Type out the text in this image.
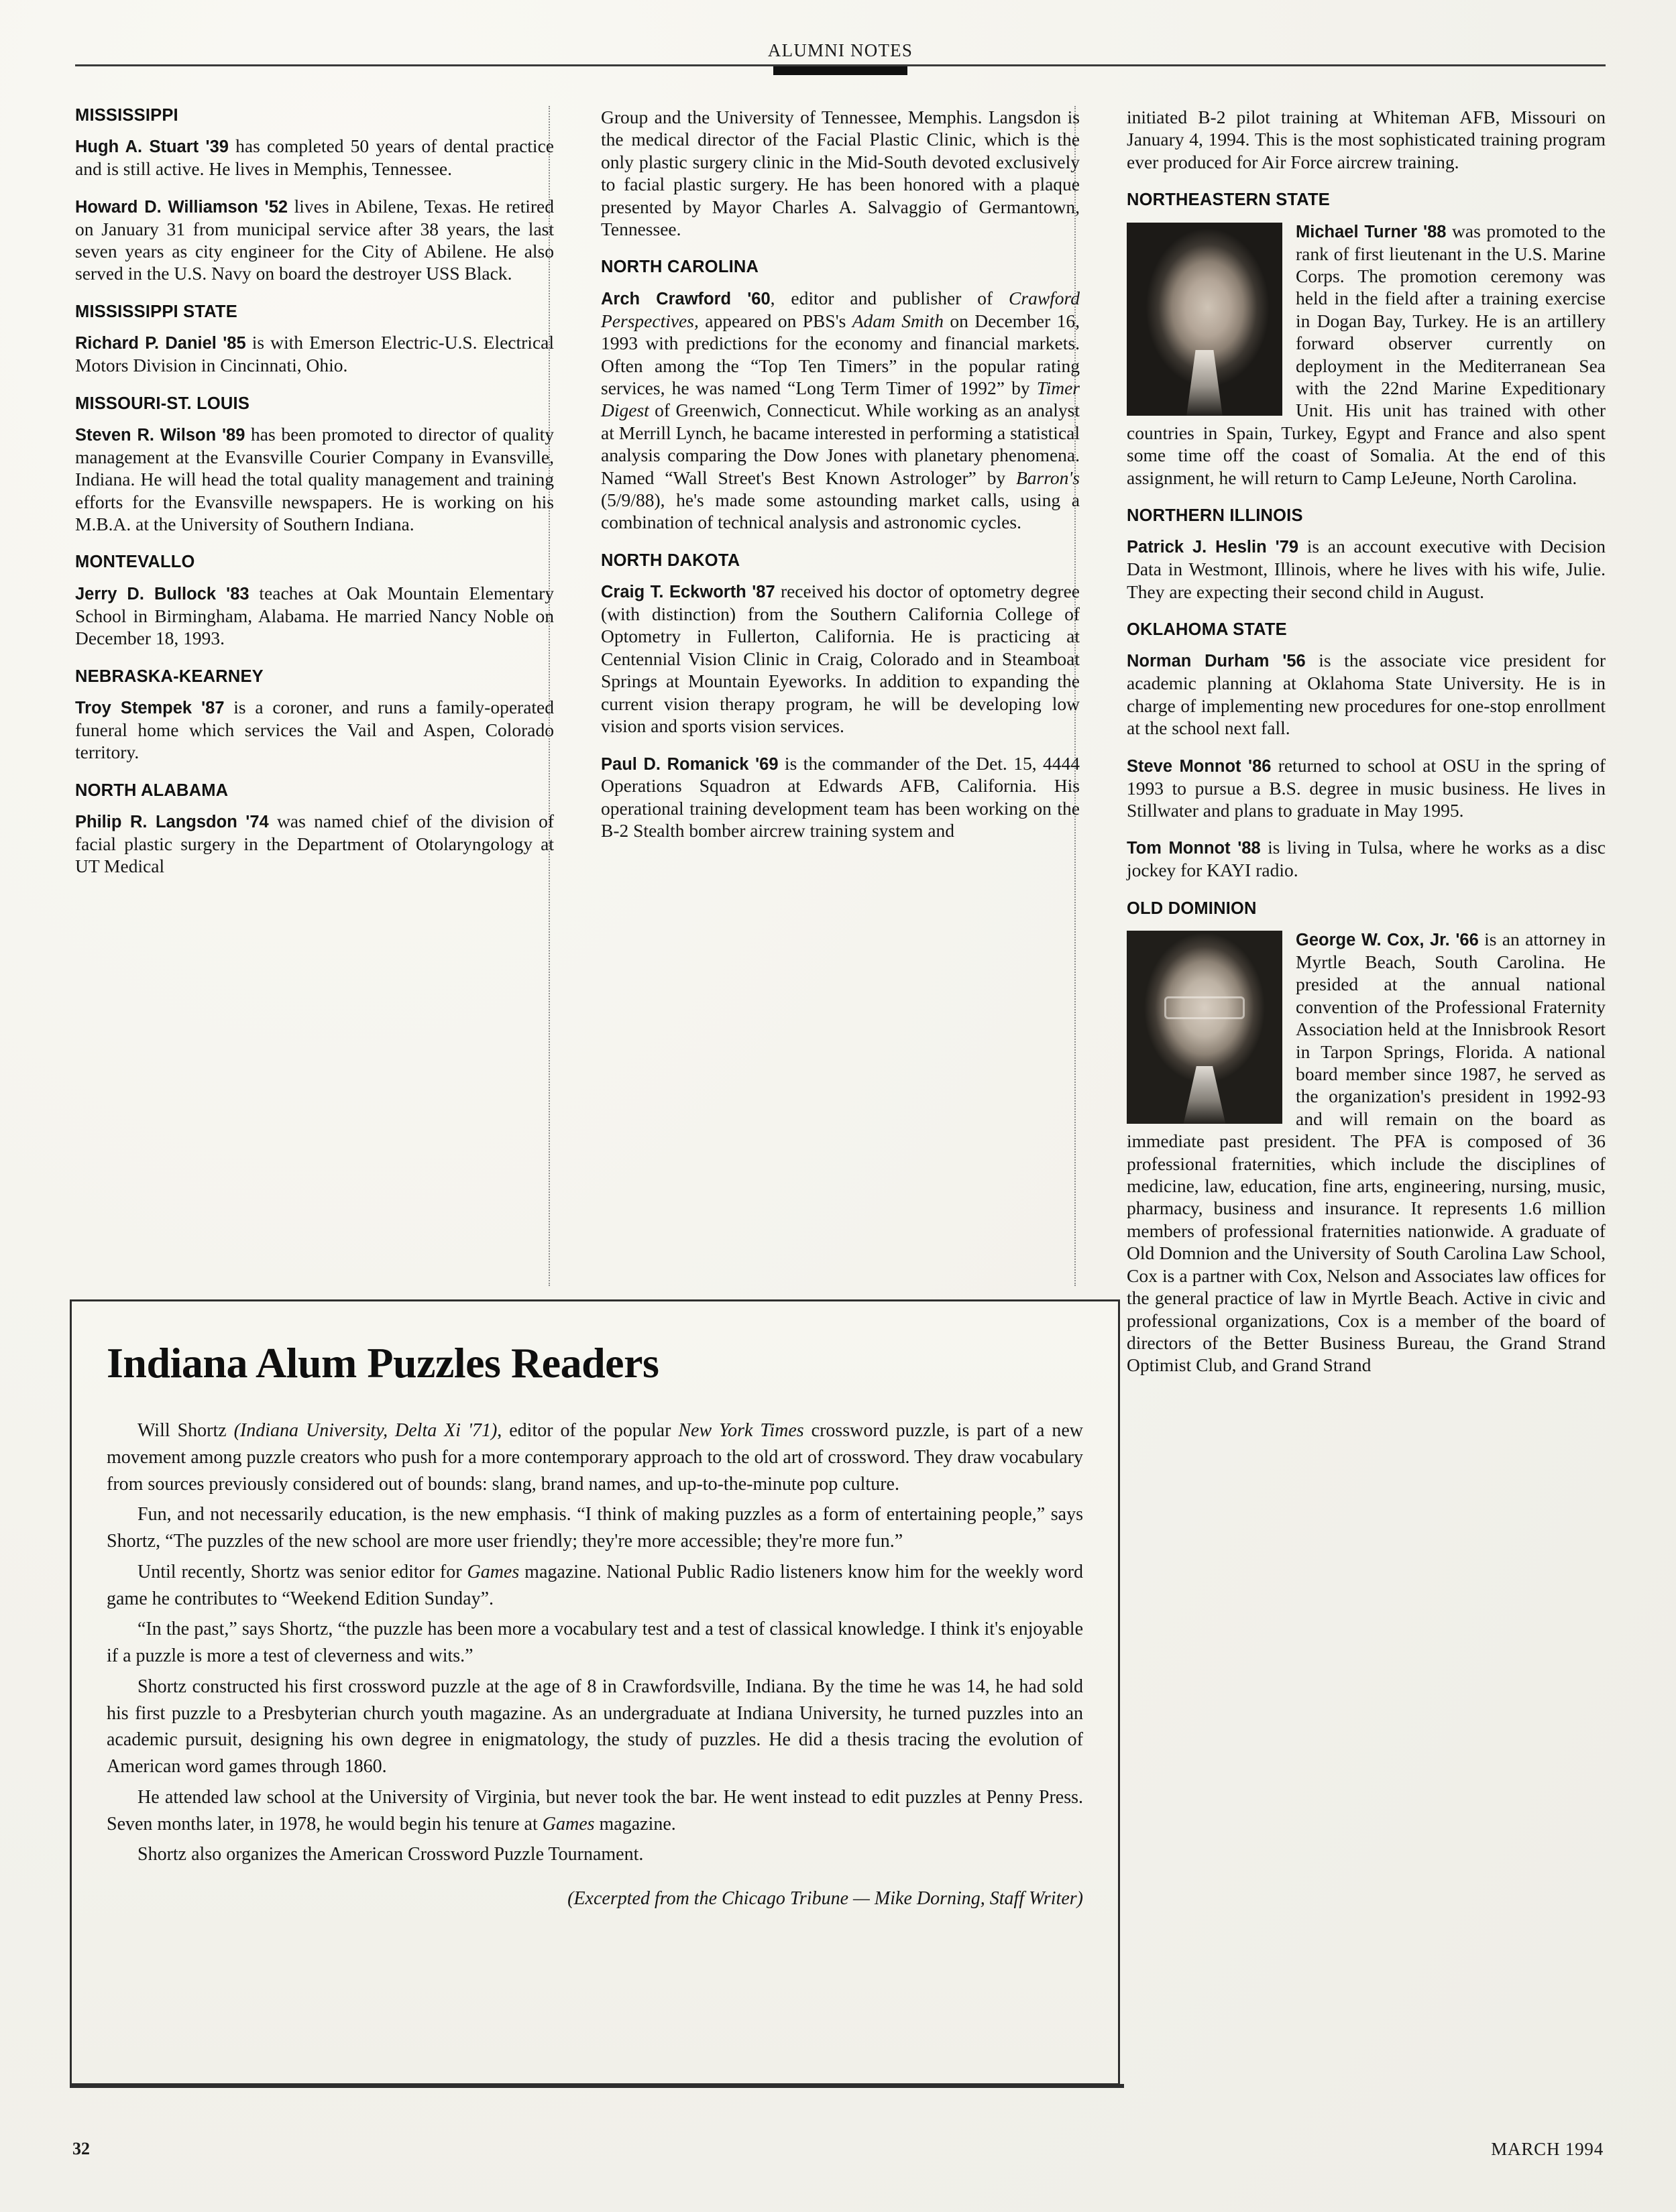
ALUMNI NOTES
MISSISSIPPI

Hugh A. Stuart '39 has completed 50 years of dental practice and is still active. He lives in Memphis, Tennessee.

Howard D. Williamson '52 lives in Abilene, Texas. He retired on January 31 from municipal service after 38 years, the last seven years as city engineer for the City of Abilene. He also served in the U.S. Navy on board the destroyer USS Black.

MISSISSIPPI STATE

Richard P. Daniel '85 is with Emerson Electric-U.S. Electrical Motors Division in Cincinnati, Ohio.

MISSOURI-ST. LOUIS

Steven R. Wilson '89 has been promoted to director of quality management at the Evansville Courier Company in Evansville, Indiana. He will head the total quality management and training efforts for the Evansville newspapers. He is working on his M.B.A. at the University of Southern Indiana.

MONTEVALLO

Jerry D. Bullock '83 teaches at Oak Mountain Elementary School in Birmingham, Alabama. He married Nancy Noble on December 18, 1993.

NEBRASKA-KEARNEY

Troy Stempek '87 is a coroner, and runs a family-operated funeral home which services the Vail and Aspen, Colorado territory.

NORTH ALABAMA

Philip R. Langsdon '74 was named chief of the division of facial plastic surgery in the Department of Otolaryngology at UT Medical

Group and the University of Tennessee, Memphis. Langsdon is the medical director of the Facial Plastic Clinic, which is the only plastic surgery clinic in the Mid-South devoted exclusively to facial plastic surgery. He has been honored with a plaque presented by Mayor Charles A. Salvaggio of Germantown, Tennessee.

NORTH CAROLINA

Arch Crawford '60, editor and publisher of Crawford Perspectives, appeared on PBS's Adam Smith on December 16, 1993 with predictions for the economy and financial markets. Often among the “Top Ten Timers” in the popular rating services, he was named “Long Term Timer of 1992” by Timer Digest of Greenwich, Connecticut. While working as an analyst at Merrill Lynch, he bacame interested in performing a statistical analysis comparing the Dow Jones with planetary phenomena. Named “Wall Street's Best Known Astrologer” by Barron's (5/9/88), he's made some astounding market calls, using a combination of technical analysis and astronomic cycles.

NORTH DAKOTA

Craig T. Eckworth '87 received his doctor of optometry degree (with distinction) from the Southern California College of Optometry in Fullerton, California. He is practicing at Centennial Vision Clinic in Craig, Colorado and in Steamboat Springs at Mountain Eyeworks. In addition to expanding the current vision therapy program, he will be developing low vision and sports vision services.

Paul D. Romanick '69 is the commander of the Det. 15, 4444 Operations Squadron at Edwards AFB, California. His operational training development team has been working on the B-2 Stealth bomber aircrew training system and

initiated B-2 pilot training at Whiteman AFB, Missouri on January 4, 1994. This is the most sophisticated training program ever produced for Air Force aircrew training.

NORTHEASTERN STATE

Michael Turner '88 was promoted to the rank of first lieutenant in the U.S. Marine Corps. The promotion ceremony was held in the field after a training exercise in Dogan Bay, Turkey. He is an artillery forward observer currently on deployment in the Mediterranean Sea with the 22nd Marine Expeditionary Unit. His unit has trained with other countries in Spain, Turkey, Egypt and France and also spent some time off the coast of Somalia. At the end of this assignment, he will return to Camp LeJeune, North Carolina.

NORTHERN ILLINOIS

Patrick J. Heslin '79 is an account executive with Decision Data in Westmont, Illinois, where he lives with his wife, Julie. They are expecting their second child in August.

OKLAHOMA STATE

Norman Durham '56 is the associate vice president for academic planning at Oklahoma State University. He is in charge of implementing new procedures for one-stop enrollment at the school next fall.

Steve Monnot '86 returned to school at OSU in the spring of 1993 to pursue a B.S. degree in music business. He lives in Stillwater and plans to graduate in May 1995.

Tom Monnot '88 is living in Tulsa, where he works as a disc jockey for KAYI radio.

OLD DOMINION

George W. Cox, Jr. '66 is an attorney in Myrtle Beach, South Carolina. He presided at the annual national convention of the Professional Fraternity Association held at the Innisbrook Resort in Tarpon Springs, Florida. A national board member since 1987, he served as the organization's president in 1992-93 and will remain on the board as immediate past president. The PFA is composed of 36 professional fraternities, which include the disciplines of medicine, law, education, fine arts, engineering, nursing, music, pharmacy, business and insurance. It represents 1.6 million members of professional fraternities nationwide. A graduate of Old Domnion and the University of South Carolina Law School, Cox is a partner with Cox, Nelson and Associates law offices for the general practice of law in Myrtle Beach. Active in civic and professional organizations, Cox is a member of the board of directors of the Better Business Bureau, the Grand Strand Optimist Club, and Grand Strand

Indiana Alum Puzzles Readers

Will Shortz (Indiana University, Delta Xi '71), editor of the popular New York Times crossword puzzle, is part of a new movement among puzzle creators who push for a more contemporary approach to the old art of crossword. They draw vocabulary from sources previously considered out of bounds: slang, brand names, and up-to-the-minute pop culture.

Fun, and not necessarily education, is the new emphasis. “I think of making puzzles as a form of entertaining people,” says Shortz, “The puzzles of the new school are more user friendly; they're more accessible; they're more fun.”

Until recently, Shortz was senior editor for Games magazine. National Public Radio listeners know him for the weekly word game he contributes to “Weekend Edition Sunday”.

“In the past,” says Shortz, “the puzzle has been more a vocabulary test and a test of classical knowledge. I think it's enjoyable if a puzzle is more a test of cleverness and wits.”

Shortz constructed his first crossword puzzle at the age of 8 in Crawfordsville, Indiana. By the time he was 14, he had sold his first puzzle to a Presbyterian church youth magazine. As an undergraduate at Indiana University, he turned puzzles into an academic pursuit, designing his own degree in enigmatology, the study of puzzles. He did a thesis tracing the evolution of American word games through 1860.

He attended law school at the University of Virginia, but never took the bar. He went instead to edit puzzles at Penny Press. Seven months later, in 1978, he would begin his tenure at Games magazine.

Shortz also organizes the American Crossword Puzzle Tournament.

(Excerpted from the Chicago Tribune — Mike Dorning, Staff Writer)
32	MARCH 1994
